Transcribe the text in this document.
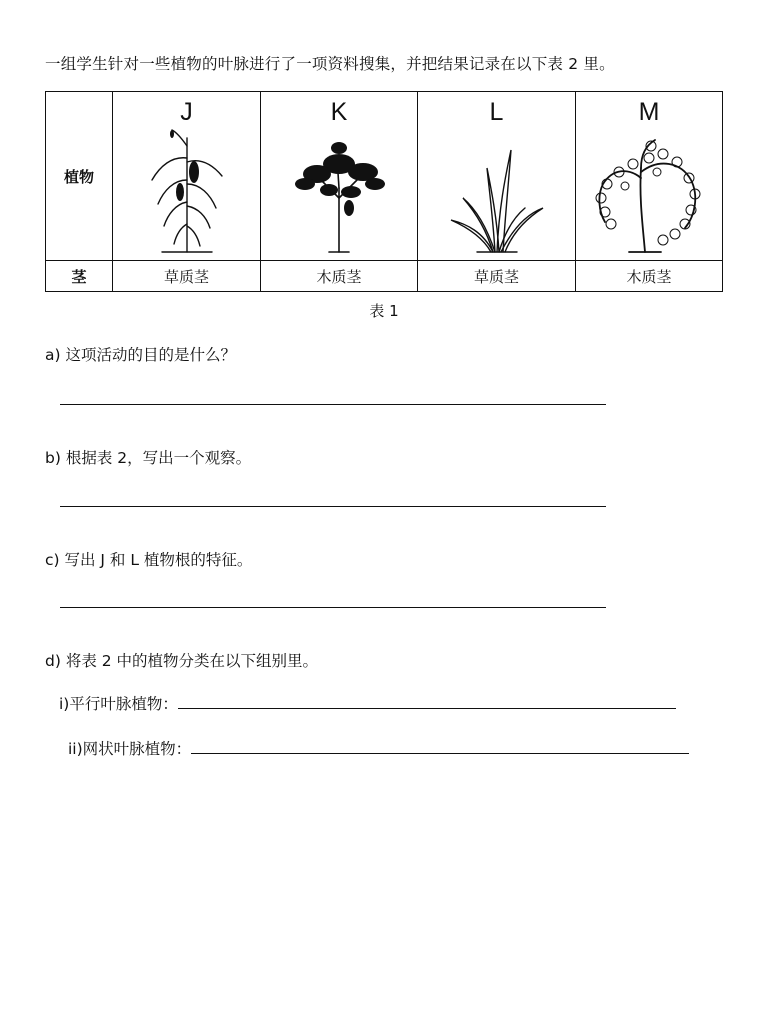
一组学生针对一些植物的叶脉进行了一项资料搜集，并把结果记录在以下表 2 里。
植物	J	K	L	M

茎	草质茎	木质茎	草质茎	木质茎
表 1
a) 这项活动的目的是什么？
b) 根据表 2，写出一个观察。
c) 写出 J 和 L 植物根的特征。
d) 将表 2 中的植物分类在以下组别里。
i)平行叶脉植物：
ii)网状叶脉植物：
